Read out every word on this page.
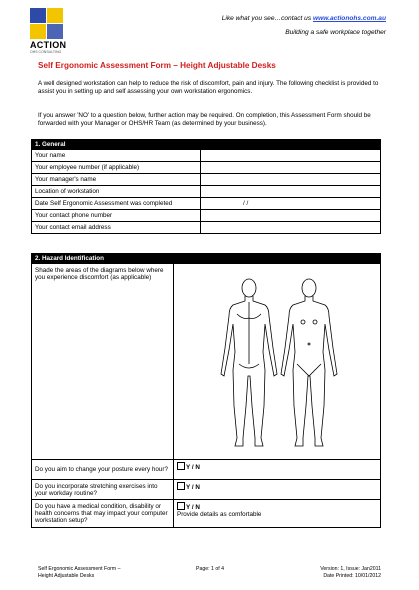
ACTION
OHS CONSULTING
Like what you see…contact us www.actionohs.com.au
Building a safe workplace together
Self Ergonomic Assessment Form – Height Adjustable Desks
A well designed workstation can help to reduce the risk of discomfort, pain and injury. The following checklist is provided to assist you in setting up and self assessing your own workstation ergonomics.
If you answer 'NO' to a question below, further action may be required. On completion, this Assessment Form should be forwarded with your Manager or OHS/HR Team (as determined by your business).
1. General	
Your name	
Your employee number (if applicable)	
Your manager's name	
Location of workstation	
Date Self Ergonomic Assessment was completed	/ /
Your contact phone number	
Your contact email address	
2. Hazard Identification	
Shade the areas of the diagrams below where you experience discomfort (as applicable)	

Do you aim to change your posture every hour?	Y / N
Do you incorporate stretching exercises into your workday routine?	Y / N
Do you have a medical condition, disability or health concerns that may impact your computer workstation setup?	Y / N
Provide details as comfortable
Self Ergonomic Assessment Form –
Height Adjustable Desks
Page: 1 of 4	Version: 1, Issue: Jan2011
Date Printed: 10/01/2012
